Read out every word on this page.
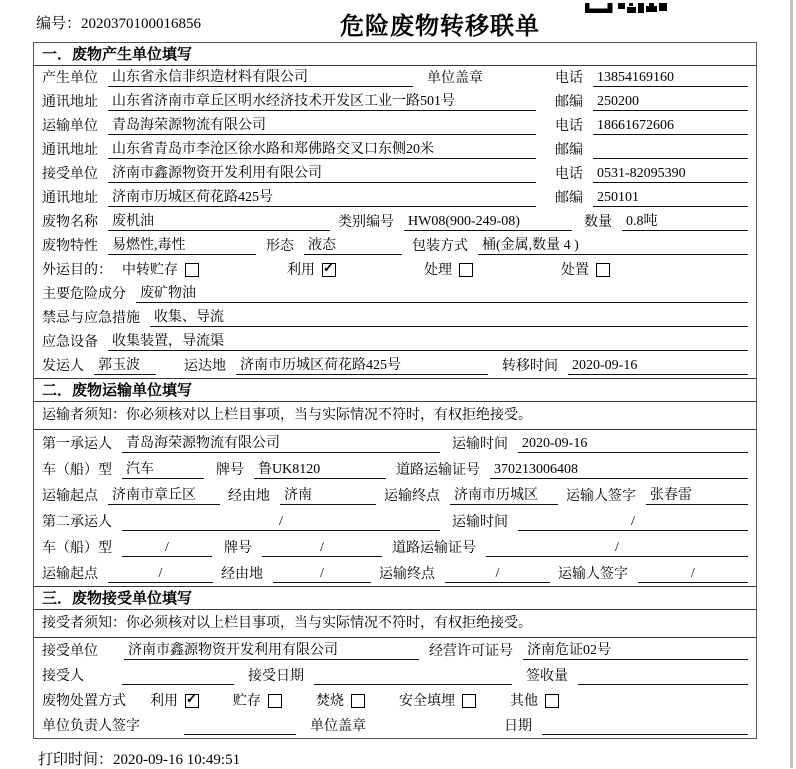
编号：2020370100016856	危险废物转移联单
一．废物产生单位填写
产生单位 山东省永信非织造材料有限公司	单位盖章	电话 13854169160
通讯地址 山东省济南市章丘区明水经济技术开发区工业一路501号	邮编 250200
运输单位 青岛海荣源物流有限公司	电话 18661672606
通讯地址 山东省青岛市李沧区徐水路和郑佛路交叉口东侧20米	邮编
接受单位 济南市鑫源物资开发利用有限公司	电话 0531-82095390
通讯地址 济南市历城区荷花路425号	邮编 250101
废物名称 废机油	类别编号 HW08(900-249-08)	数量 0.8吨
废物特性 易燃性,毒性	形态 液态	包装方式 桶(金属,数量 4 )
外运目的： 中转贮存	利用 ✓	处理	处置
主要危险成分 废矿物油
禁忌与应急措施 收集、导流
应急设备 收集装置，导流渠
发运人 郭玉波	运达地 济南市历城区荷花路425号	转移时间 2020-09-16
二．废物运输单位填写
运输者须知：你必须核对以上栏目事项，当与实际情况不符时，有权拒绝接受。
第一承运人 青岛海荣源物流有限公司	运输时间 2020-09-16
车（船）型 汽车	牌号 鲁UK8120	道路运输证号 370213006408
运输起点 济南市章丘区	经由地 济南	运输终点 济南市历城区	运输人签字 张春雷
第二承运人	/	运输时间	/
车（船）型	/	牌号	/	道路运输证号	/
运输起点	/	经由地	/	运输终点	/	运输人签字	/
三．废物接受单位填写
接受者须知：你必须核对以上栏目事项，当与实际情况不符时，有权拒绝接受。
接受单位 济南市鑫源物资开发利用有限公司	经营许可证号 济南危证02号
接受人	接受日期	签收量
废物处置方式 利用 ✓	贮存	焚烧	安全填埋	其他
单位负责人签字	单位盖章	日期
打印时间：2020-09-16 10:49:51
